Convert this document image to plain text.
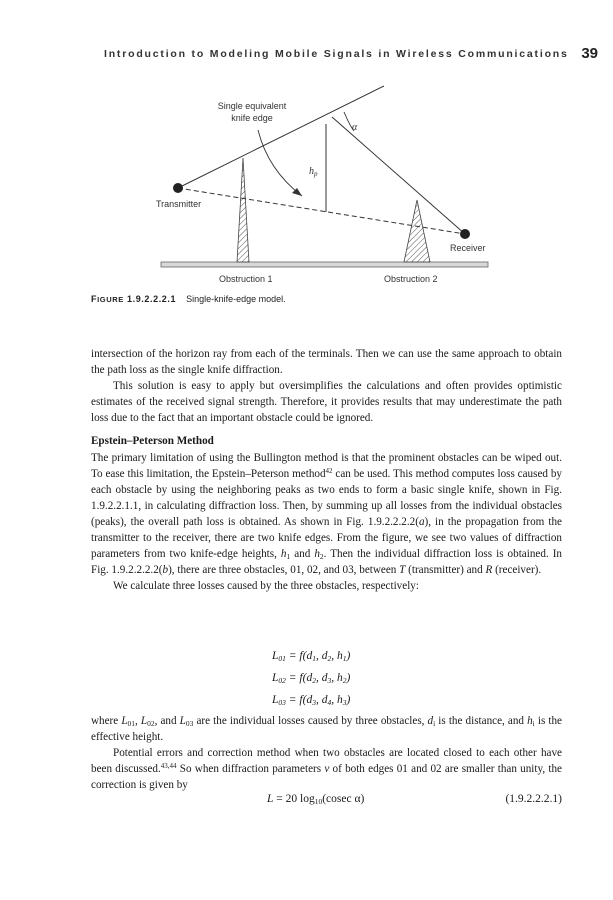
Introduction to Modeling Mobile Signals in Wireless Communications 39
Single equivalent
knife edge
α
$h_p$
Transmitter
Receiver
Obstruction 1	Obstruction 2
FIGURE 1.9.2.2.2.1 Single-knife-edge model.

intersection of the horizon ray from each of the terminals. Then we can use the same approach to obtain the path loss as the single knife diffraction.

This solution is easy to apply but oversimplifies the calculations and often provides optimistic estimates of the received signal strength. Therefore, it provides results that may underestimate the path loss due to the fact that an important obstacle could be ignored.

Epstein–Peterson Method

The primary limitation of using the Bullington method is that the prominent obstacles can be wiped out. To ease this limitation, the Epstein–Peterson method$^{42}$ can be used. This method computes loss caused by each obstacle by using the neighboring peaks as two ends to form a basic single knife, shown in Fig. 1.9.2.2.1.1, in calculating diffraction loss. Then, by summing up all losses from the individual obstacles (peaks), the overall path loss is obtained. As shown in Fig. 1.9.2.2.2.2(a), in the propagation from the transmitter to the receiver, there are two knife edges. From the figure, we see two values of diffraction parameters from two knife-edge heights, $h_1$ and $h_2$. Then the individual diffraction loss is obtained. In Fig. 1.9.2.2.2.2(b), there are three obstacles, 01, 02, and 03, between T (transmitter) and R (receiver).

We calculate three losses caused by the three obstacles, respectively:

$L_{01} = f(d_1$, $d_2$, $h_1$)
$L_{02} = f(d_2$, $d_3$, $h_2$)
$L_{03} = f(d_3$, $d_4$, $h_3$)

where $L_{01}$, $L_{02}$, and $L_{03}$ are the individual losses caused by three obstacles, $d_i$ is the distance, and $h_i$ is the effective height.

Potential errors and correction method when two obstacles are located closed to each other have been discussed.$^{43,44}$ So when diffraction parameters v of both edges 01 and 02 are smaller than unity, the correction is given by

L = 20 $\log_{10}(cosec$ α)	(1.9.2.2.2.1)
